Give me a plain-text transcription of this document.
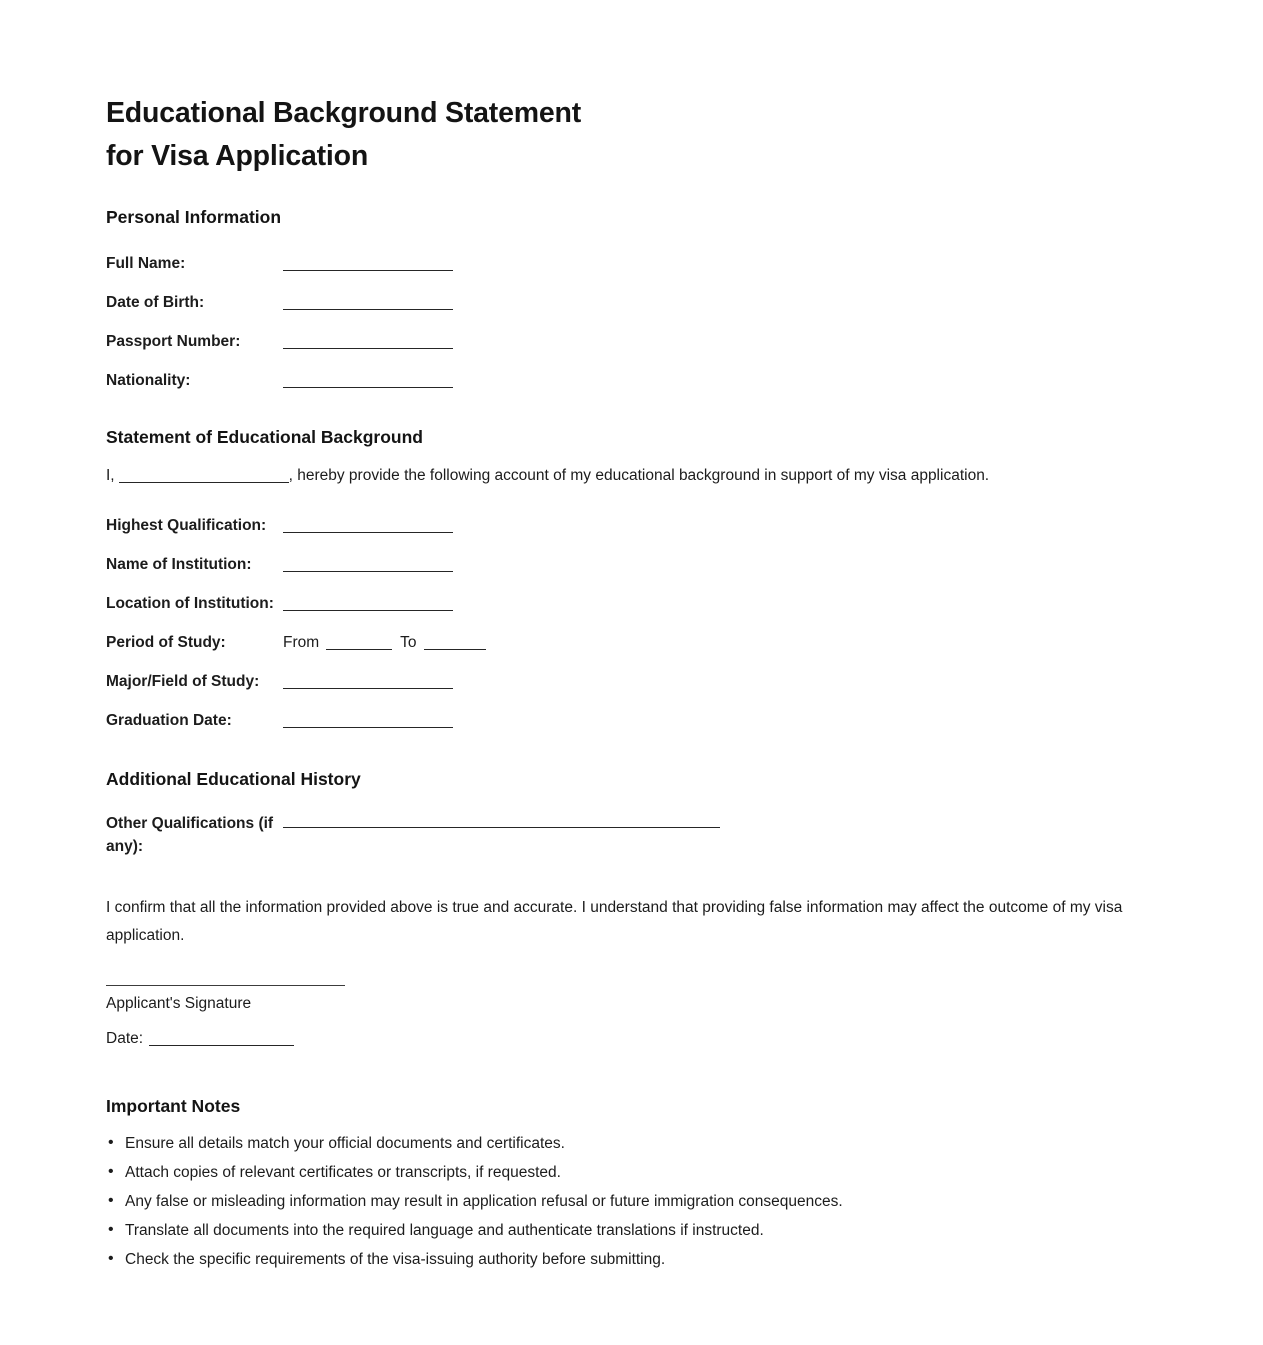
Educational Background Statement
for Visa Application
Personal Information
Full Name:
Date of Birth:
Passport Number:
Nationality:
Statement of Educational Background

I,	, hereby provide the following account of my educational background in support of my visa application.

Highest Qualification:
Name of Institution:
Location of Institution:
Period of Study:	From	To
Major/Field of Study:
Graduation Date:
Additional Educational History
Other Qualifications (if
any):

I confirm that all the information provided above is true and accurate. I understand that providing false information may affect the outcome of my visa application.

Applicant's Signature
Date:
Important Notes
• Ensure all details match your official documents and certificates.
• Attach copies of relevant certificates or transcripts, if requested.
• Any false or misleading information may result in application refusal or future immigration consequences.
• Translate all documents into the required language and authenticate translations if instructed.
• Check the specific requirements of the visa-issuing authority before submitting.
